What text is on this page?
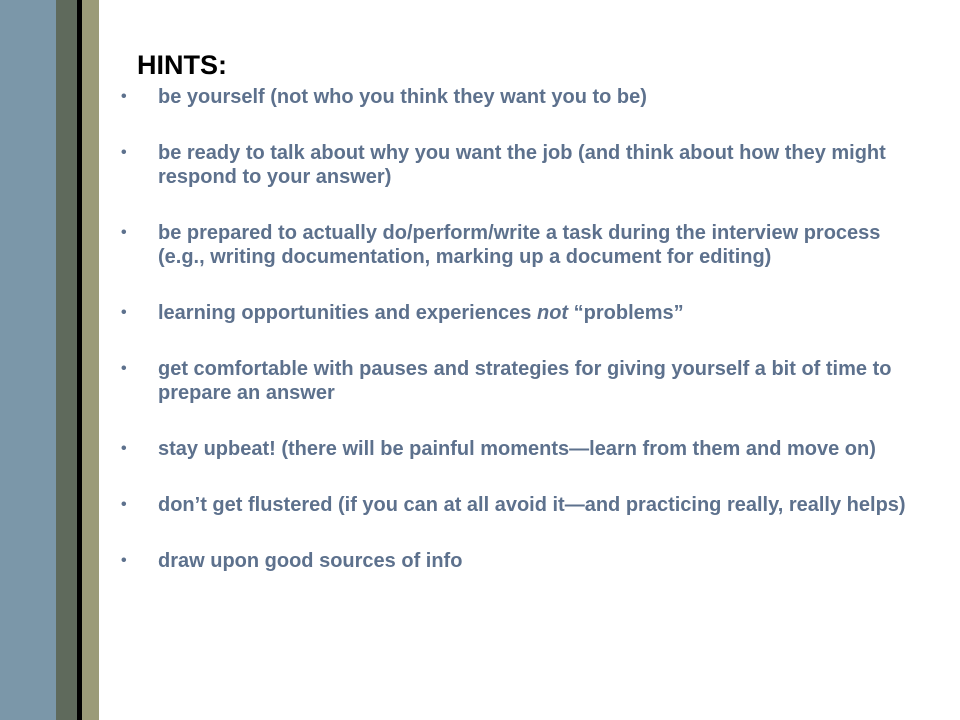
HINTS:
• be yourself (not who you think they want you to be)
• be ready to talk about why you want the job (and think about how they might respond to your answer)
• be prepared to actually do/perform/write a task during the interview process (e.g., writing documentation, marking up a document for editing)
• learning opportunities and experiences not “problems”
• get comfortable with pauses and strategies for giving yourself a bit of time to prepare an answer
• stay upbeat! (there will be painful moments—learn from them and move on)
• don’t get flustered (if you can at all avoid it—and practicing really, really helps)
• draw upon good sources of info
